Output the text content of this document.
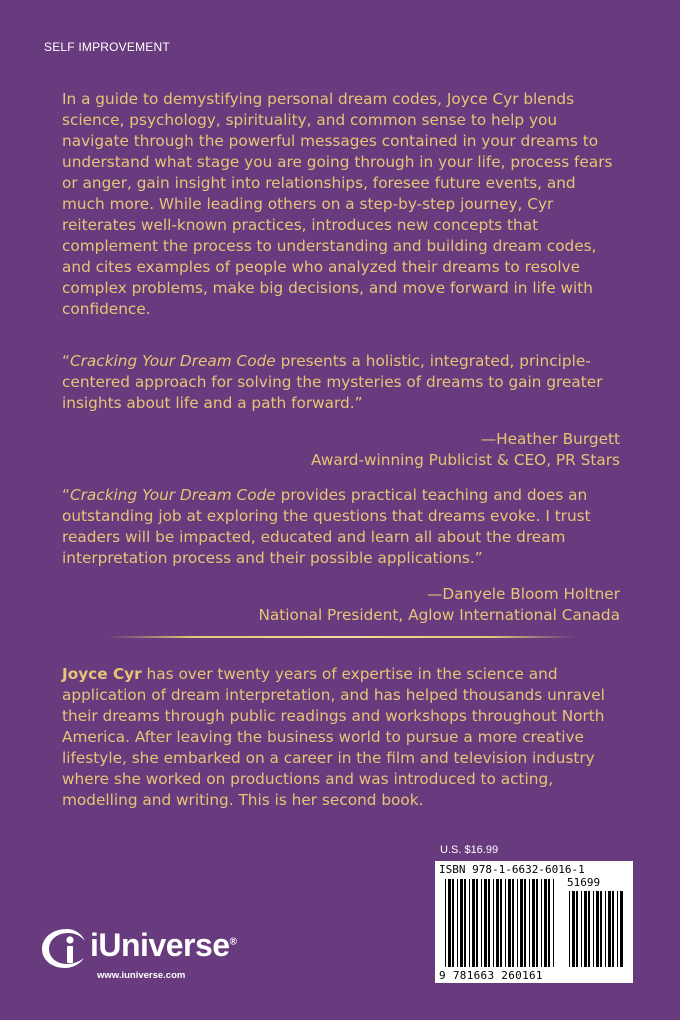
SELF IMPROVEMENT

In a guide to demystifying personal dream codes, Joyce Cyr blends science, psychology, spirituality, and common sense to help you navigate through the powerful messages contained in your dreams to understand what stage you are going through in your life, process fears or anger, gain insight into relationships, foresee future events, and much more. While leading others on a step-by-step journey, Cyr reiterates well-known practices, introduces new concepts that complement the process to understanding and building dream codes, and cites examples of people who analyzed their dreams to resolve complex problems, make big decisions, and move forward in life with confidence.

“Cracking Your Dream Code presents a holistic, integrated, principle-centered approach for solving the mysteries of dreams to gain greater insights about life and a path forward.”

—Heather Burgett
Award-winning Publicist & CEO, PR Stars

“Cracking Your Dream Code provides practical teaching and does an outstanding job at exploring the questions that dreams evoke. I trust readers will be impacted, educated and learn all about the dream interpretation process and their possible applications.”

—Danyele Bloom Holtner
National President, Aglow International Canada

Joyce Cyr has over twenty years of expertise in the science and application of dream interpretation, and has helped thousands unravel their dreams through public readings and workshops throughout North America. After leaving the business world to pursue a more creative lifestyle, she embarked on a career in the film and television industry where she worked on productions and was introduced to acting, modelling and writing. This is her second book.

iUniverse®
www.iuniverse.com
U.S. $16.99
ISBN 978-1-6632-6016-1
51699
9 781663 260161
